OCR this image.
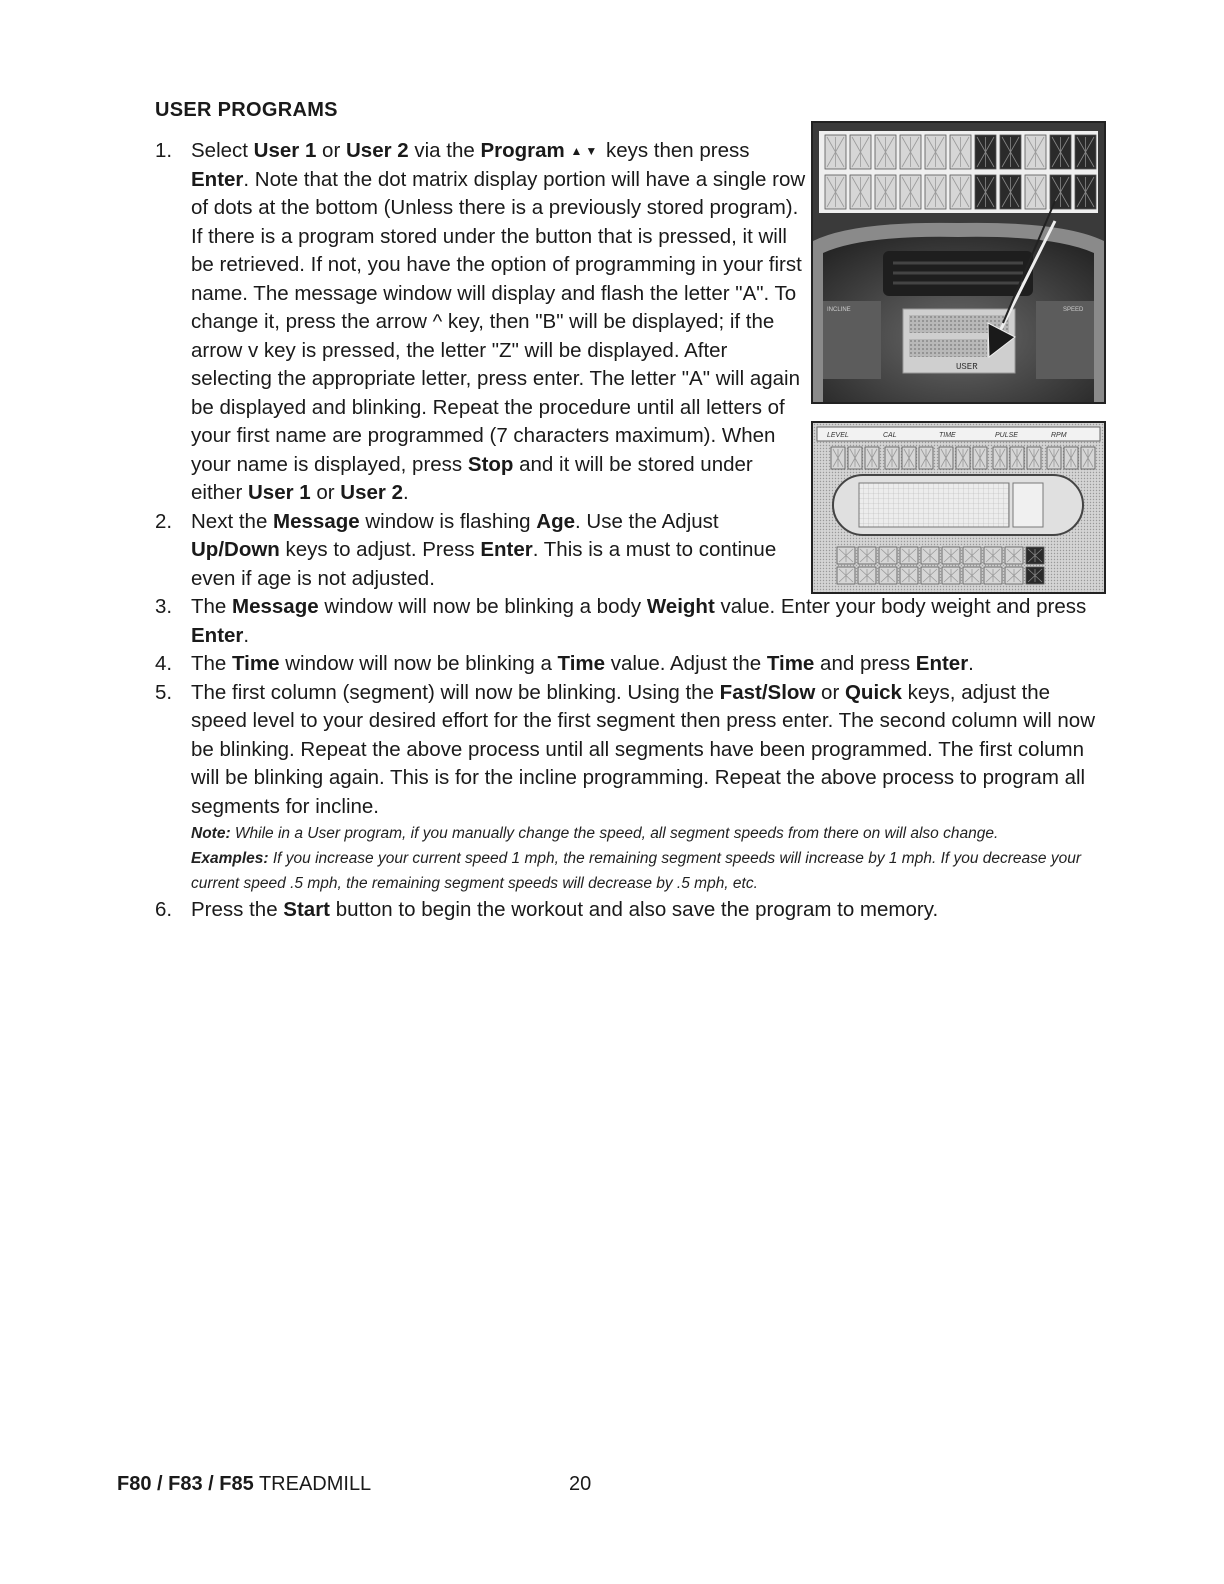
USER PROGRAMS
1. Select User 1 or User 2 via the Program ▲▼ keys then press Enter. Note that the dot matrix display portion will have a single row of dots at the bottom (Unless there is a previously stored program). If there is a program stored under the button that is pressed, it will be retrieved. If not, you have the option of programming in your first name. The message window will display and flash the letter "A". To change it, press the arrow ^ key, then "B" will be displayed; if the arrow v key is pressed, the letter "Z" will be displayed. After selecting the appropriate letter, press enter. The letter "A" will again be displayed and blinking. Repeat the procedure until all letters of your first name are programmed (7 characters maximum). When your name is displayed, press Stop and it will be stored under either User 1 or User 2.
2. Next the Message window is flashing Age. Use the Adjust Up/Down keys to adjust. Press Enter. This is a must to continue even if age is not adjusted.
3. The Message window will now be blinking a body Weight value. Enter your body weight and press Enter.
4. The Time window will now be blinking a Time value. Adjust the Time and press Enter.
5. The first column (segment) will now be blinking. Using the Fast/Slow or Quick keys, adjust the speed level to your desired effort for the first segment then press enter. The second column will now be blinking. Repeat the above process until all segments have been programmed. The first column will be blinking again. This is for the incline programming. Repeat the above process to program all segments for incline.
Note: While in a User program, if you manually change the speed, all segment speeds from there on will also change.
Examples: If you increase your current speed 1 mph, the remaining segment speeds will increase by 1 mph. If you decrease your current speed .5 mph, the remaining segment speeds will decrease by .5 mph, etc.
6. Press the Start button to begin the workout and also save the program to memory.
INCLINE	SPEED
USER
LEVEL	CAL	TIME	PULSE	RPM
F80 / F83 / F85 TREADMILL	20
